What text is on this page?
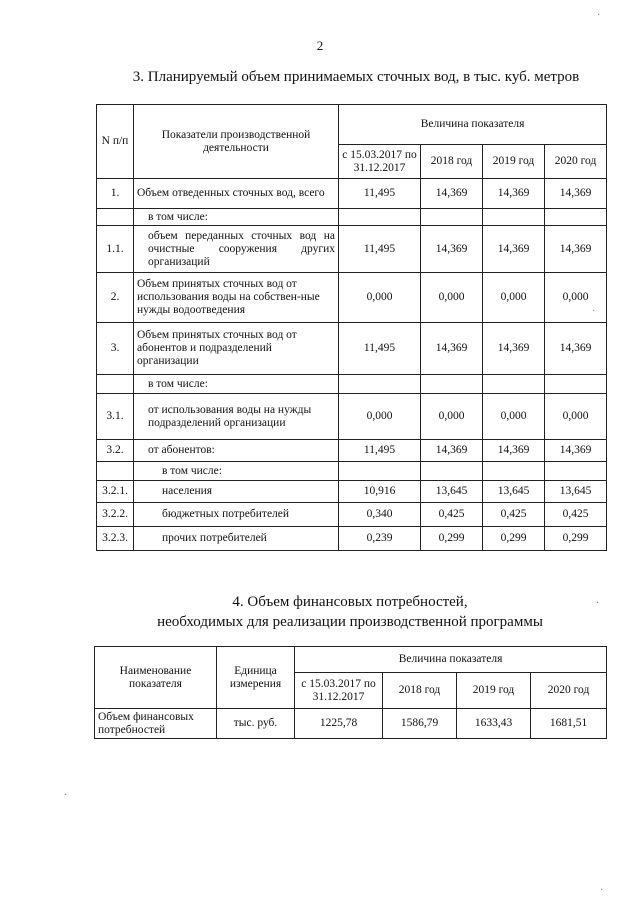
2
3. Планируемый объем принимаемых сточных вод, в тыс. куб. метров
N п/п	Показатели производственной деятельности	Величина показателя			
		с 15.03.2017 по 31.12.2017	2018 год	2019 год	2020 год
1.	Объем отведенных сточных вод, всего	11,495	14,369	14,369	14,369
	в том числе:				
1.1.	объем переданных сточных вод на очистные сооружения других организаций	11,495	14,369	14,369	14,369
2.	Объем принятых сточных вод от использования воды на собствен-ные нужды водоотведения	0,000	0,000	0,000	0,000
3.	Объем принятых сточных вод от абонентов и подразделений организации	11,495	14,369	14,369	14,369
	в том числе:				
3.1.	от использования воды на нужды подразделений организации	0,000	0,000	0,000	0,000
3.2.	от абонентов:	11,495	14,369	14,369	14,369
	в том числе:				
3.2.1.	населения	10,916	13,645	13,645	13,645
3.2.2.	бюджетных потребителей	0,340	0,425	0,425	0,425
3.2.3.	прочих потребителей	0,239	0,299	0,299	0,299
4. Объем финансовых потребностей,
необходимых для реализации производственной программы
Наименование показателя	Единица измерения	Величина показателя			
		с 15.03.2017 по 31.12.2017	2018 год	2019 год	2020 год
Объем финансовых потребностей	тыс. руб.	1225,78	1586,79	1633,43	1681,51
·
·
·
·
·
